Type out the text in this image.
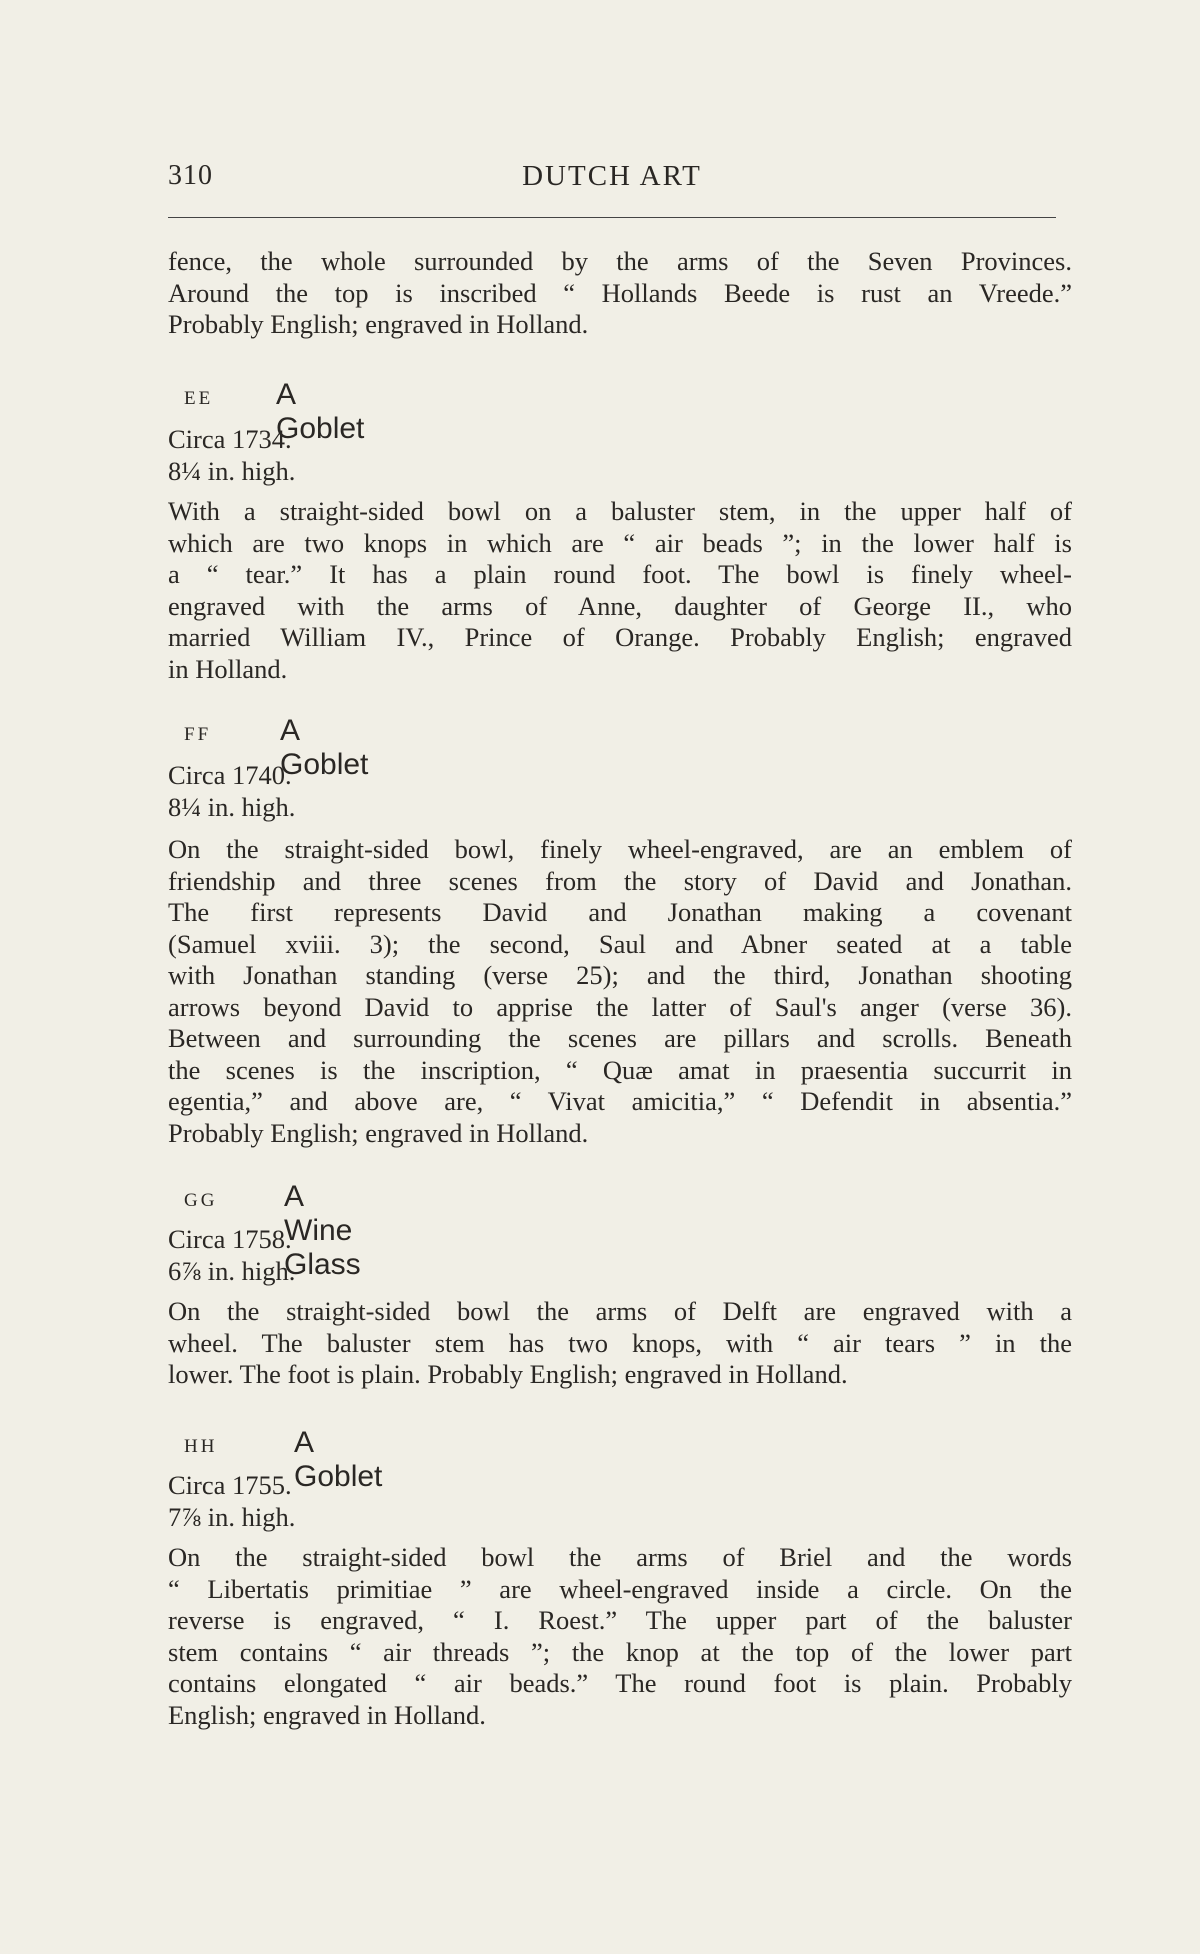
310	DUTCH ART
fence, the whole surrounded by the arms of the Seven Provinces.
Around the top is inscribed “ Hollands Beede is rust an Vreede.”
Probably English; engraved in Holland.
EE A Goblet
Circa 1734.
8¼ in. high.
With a straight-sided bowl on a baluster stem, in the upper half of
which are two knops in which are “ air beads ”; in the lower half is
a “ tear.” It has a plain round foot. The bowl is finely wheel-
engraved with the arms of Anne, daughter of George II., who
married William IV., Prince of Orange. Probably English; engraved
in Holland.
FF A Goblet
Circa 1740.
8¼ in. high.
On the straight-sided bowl, finely wheel-engraved, are an emblem of
friendship and three scenes from the story of David and Jonathan.
The first represents David and Jonathan making a covenant
(Samuel xviii. 3); the second, Saul and Abner seated at a table
with Jonathan standing (verse 25); and the third, Jonathan shooting
arrows beyond David to apprise the latter of Saul's anger (verse 36).
Between and surrounding the scenes are pillars and scrolls. Beneath
the scenes is the inscription, “ Quæ amat in praesentia succurrit in
egentia,” and above are, “ Vivat amicitia,” “ Defendit in absentia.”
Probably English; engraved in Holland.
GG A Wine Glass
Circa 1758.
6⅞ in. high.
On the straight-sided bowl the arms of Delft are engraved with a
wheel. The baluster stem has two knops, with “ air tears ” in the
lower. The foot is plain. Probably English; engraved in Holland.
HH	A Goblet
Circa 1755.
7⅞ in. high.
On the straight-sided bowl the arms of Briel and the words
“ Libertatis primitiae ” are wheel-engraved inside a circle. On the
reverse is engraved, “ I. Roest.” The upper part of the baluster
stem contains “ air threads ”; the knop at the top of the lower part
contains elongated “ air beads.” The round foot is plain. Probably
English; engraved in Holland.
